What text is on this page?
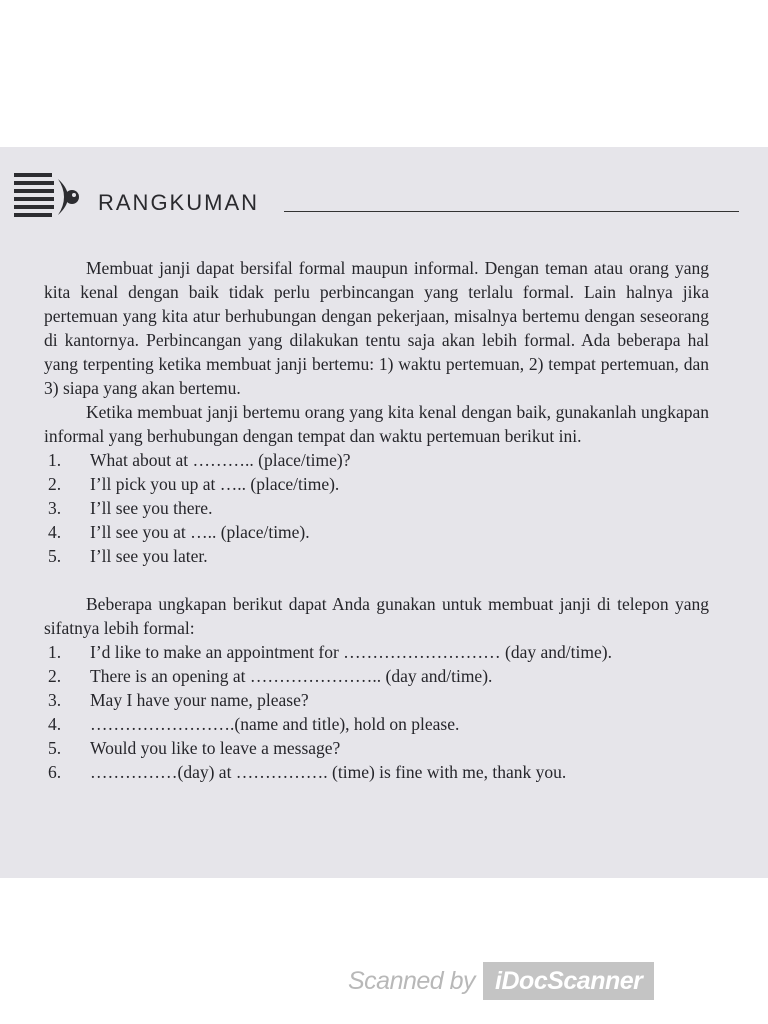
RANGKUMAN

Membuat janji dapat bersifal formal maupun informal. Dengan teman atau orang yang kita kenal dengan baik tidak perlu perbincangan yang terlalu formal. Lain halnya jika pertemuan yang kita atur berhubungan dengan pekerjaan, misalnya bertemu dengan seseorang di kantornya. Perbincangan yang dilakukan tentu saja akan lebih formal. Ada beberapa hal yang terpenting ketika membuat janji bertemu: 1) waktu pertemuan, 2) tempat pertemuan, dan 3) siapa yang akan bertemu.

Ketika membuat janji bertemu orang yang kita kenal dengan baik, gunakanlah ungkapan informal yang berhubungan dengan tempat dan waktu pertemuan berikut ini.

1. What about at ……….. (place/time)?
2. I’ll pick you up at ….. (place/time).
3. I’ll see you there.
4. I’ll see you at ….. (place/time).
5. I’ll see you later.

Beberapa ungkapan berikut dapat Anda gunakan untuk membuat janji di telepon yang sifatnya lebih formal:

1. I’d like to make an appointment for ……………………… (day and/time).
2. There is an opening at ………………….. (day and/time).
3. May I have your name, please?
4. …………………….(name and title), hold on please.
5. Would you like to leave a message?
6. ……………(day) at ……………. (time) is fine with me, thank you.
Scanned by iDocScanner
